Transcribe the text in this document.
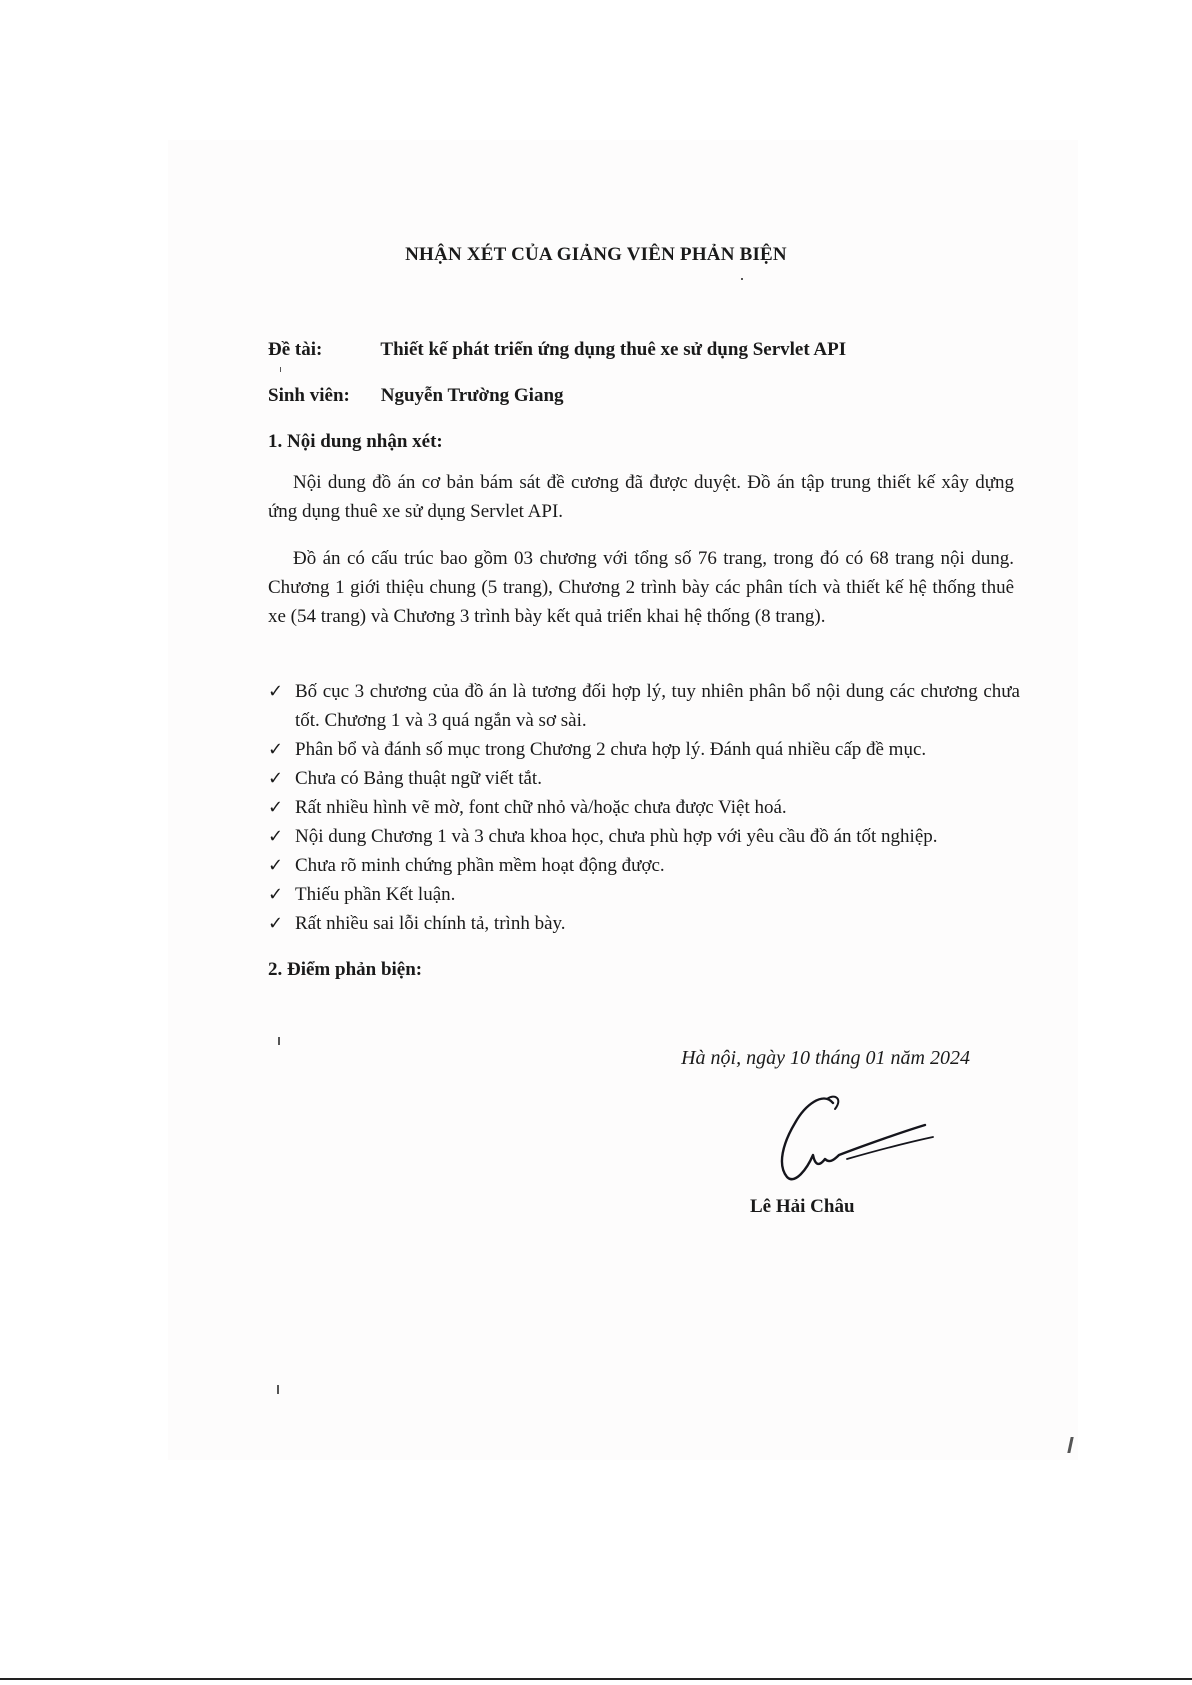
NHẬN XÉT CỦA GIẢNG VIÊN PHẢN BIỆN
Đề tài:	Thiết kế phát triển ứng dụng thuê xe sử dụng Servlet API
Sinh viên: Nguyễn Trường Giang
1. Nội dung nhận xét:
Nội dung đồ án cơ bản bám sát đề cương đã được duyệt. Đồ án tập trung thiết kế xây dựng ứng dụng thuê xe sử dụng Servlet API.
Đồ án có cấu trúc bao gồm 03 chương với tổng số 76 trang, trong đó có 68 trang nội dung. Chương 1 giới thiệu chung (5 trang), Chương 2 trình bày các phân tích và thiết kế hệ thống thuê xe (54 trang) và Chương 3 trình bày kết quả triển khai hệ thống (8 trang).
✓ Bố cục 3 chương của đồ án là tương đối hợp lý, tuy nhiên phân bổ nội dung các chương chưa tốt. Chương 1 và 3 quá ngắn và sơ sài.
✓ Phân bổ và đánh số mục trong Chương 2 chưa hợp lý. Đánh quá nhiều cấp đề mục.
✓ Chưa có Bảng thuật ngữ viết tắt.
✓ Rất nhiều hình vẽ mờ, font chữ nhỏ và/hoặc chưa được Việt hoá.
✓ Nội dung Chương 1 và 3 chưa khoa học, chưa phù hợp với yêu cầu đồ án tốt nghiệp.
✓ Chưa rõ minh chứng phần mềm hoạt động được.
✓ Thiếu phần Kết luận.
✓ Rất nhiều sai lỗi chính tả, trình bày.
2. Điểm phản biện:
Hà nội, ngày 10 tháng 01 năm 2024
Lê Hải Châu
